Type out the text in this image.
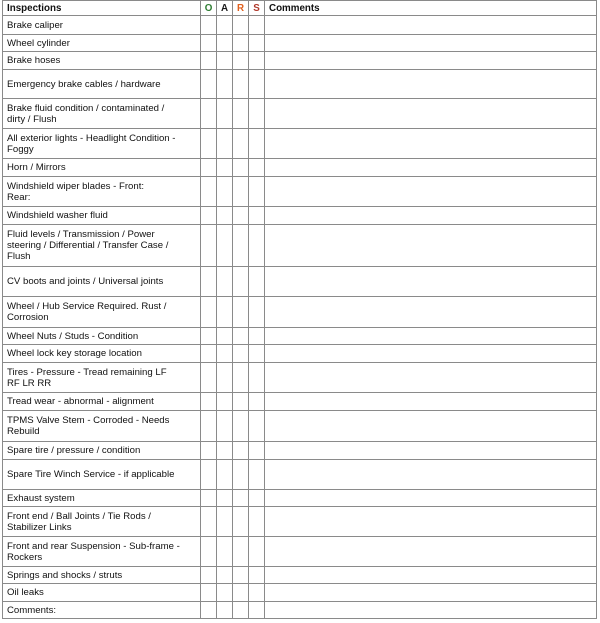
Inspections	O	A	R	S	Comments
Brake caliper					
Wheel cylinder					
Brake hoses					
Emergency brake cables / hardware					
Brake fluid condition / contaminated /
dirty / Flush					
All exterior lights - Headlight Condition -
Foggy					
Horn / Mirrors					
Windshield wiper blades - Front:
Rear:					
Windshield washer fluid					
Fluid levels / Transmission / Power
steering / Differential / Transfer Case /
Flush					
CV boots and joints / Universal joints					
Wheel / Hub Service Required. Rust /
Corrosion					
Wheel Nuts / Studs - Condition					
Wheel lock key storage location					
Tires - Pressure - Tread remaining LF
RF LR RR					
Tread wear - abnormal - alignment					
TPMS Valve Stem - Corroded - Needs
Rebuild					
Spare tire / pressure / condition					
Spare Tire Winch Service - if applicable					
Exhaust system					
Front end / Ball Joints / Tie Rods /
Stabilizer Links					
Front and rear Suspension - Sub-frame -
Rockers					
Springs and shocks / struts					
Oil leaks					
Comments:					
